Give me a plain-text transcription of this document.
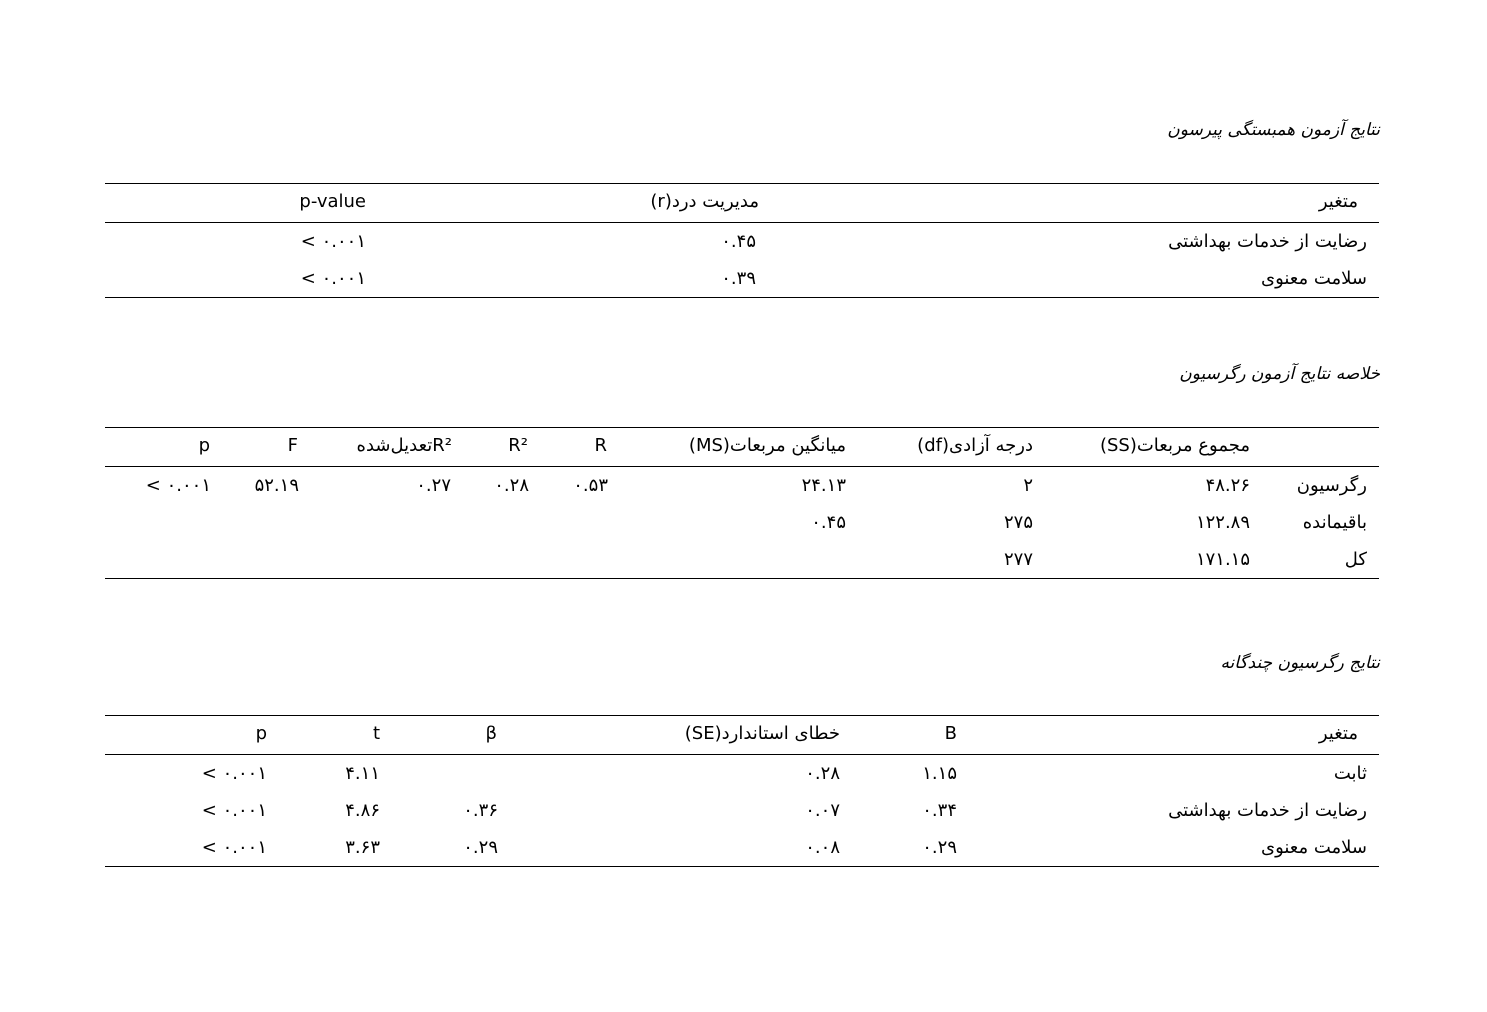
نتایج آزمون همبستگی پیرسون
متغیر
مدیریت درد(r)
p-value
رضایت از خدمات بهداشتی
۰.۴۵
< ۰.۰۰۱
سلامت معنوی
۰.۳۹
< ۰.۰۰۱
خلاصه نتایج آزمون رگرسیون
مجموع مربعات(SS)
درجه آزادی(df)
میانگین مربعات(MS)
R
R²
R²تعدیل‌شده
F
p
رگرسیون
۴۸.۲۶
۲
۲۴.۱۳
۰.۵۳
۰.۲۸
۰.۲۷
۵۲.۱۹
< ۰.۰۰۱
باقیمانده
۱۲۲.۸۹
۲۷۵
۰.۴۵
کل
۱۷۱.۱۵
۲۷۷
نتایج رگرسیون چندگانه
متغیر
B
خطای استاندارد(SE)
β
t
p
ثابت
۱.۱۵
۰.۲۸
۴.۱۱
< ۰.۰۰۱
رضایت از خدمات بهداشتی
۰.۳۴
۰.۰۷
۰.۳۶
۴.۸۶
< ۰.۰۰۱
سلامت معنوی
۰.۲۹
۰.۰۸
۰.۲۹
۳.۶۳
< ۰.۰۰۱
